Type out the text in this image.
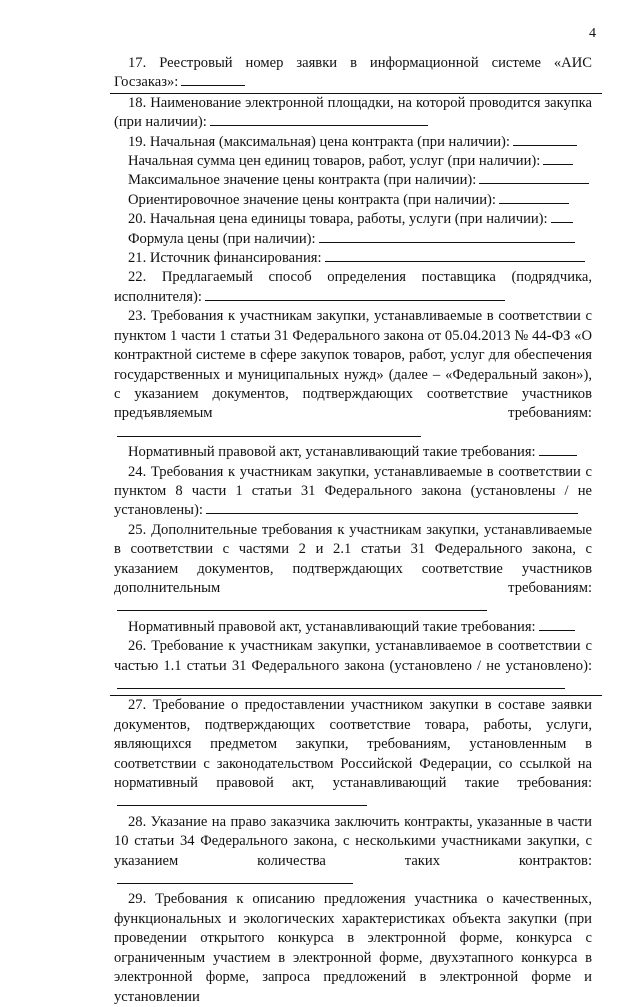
4

17. Реестровый номер заявки в информационной системе «АИС Госзаказ»:

18. Наименование электронной площадки, на которой проводится закупка (при наличии):

19. Начальная (максимальная) цена контракта (при наличии):

Начальная сумма цен единиц товаров, работ, услуг (при наличии):

Максимальное значение цены контракта (при наличии):

Ориентировочное значение цены контракта (при наличии):

20. Начальная цена единицы товара, работы, услуги (при наличии):

Формула цены (при наличии):

21. Источник финансирования:

22. Предлагаемый способ определения поставщика (подрядчика, исполнителя):

23. Требования к участникам закупки, устанавливаемые в соответствии с пунктом 1 части 1 статьи 31 Федерального закона от 05.04.2013 № 44-ФЗ «О контрактной системе в сфере закупок товаров, работ, услуг для обеспечения государственных и муниципальных нужд» (далее – «Федеральный закон»), с указанием документов, подтверждающих соответствие участников предъявляемым требованиям:

Нормативный правовой акт, устанавливающий такие требования:

24. Требования к участникам закупки, устанавливаемые в соответствии с пунктом 8 части 1 статьи 31 Федерального закона (установлены / не установлены):

25. Дополнительные требования к участникам закупки, устанавливаемые в соответствии с частями 2 и 2.1 статьи 31 Федерального закона, с указанием документов, подтверждающих соответствие участников дополнительным требованиям:

Нормативный правовой акт, устанавливающий такие требования:

26. Требование к участникам закупки, устанавливаемое в соответствии с частью 1.1 статьи 31 Федерального закона (установлено / не установлено):

27. Требование о предоставлении участником закупки в составе заявки документов, подтверждающих соответствие товара, работы, услуги, являющихся предметом закупки, требованиям, установленным в соответствии с законодательством Российской Федерации, со ссылкой на нормативный правовой акт, устанавливающий такие требования:

28. Указание на право заказчика заключить контракты, указанные в части 10 статьи 34 Федерального закона, с несколькими участниками закупки, с указанием количества таких контрактов:

29. Требования к описанию предложения участника о качественных, функциональных и экологических характеристиках объекта закупки (при проведении открытого конкурса в электронной форме, конкурса с ограниченным участием в электронной форме, двухэтапного конкурса в электронной форме, запроса предложений в электронной форме и установлении
